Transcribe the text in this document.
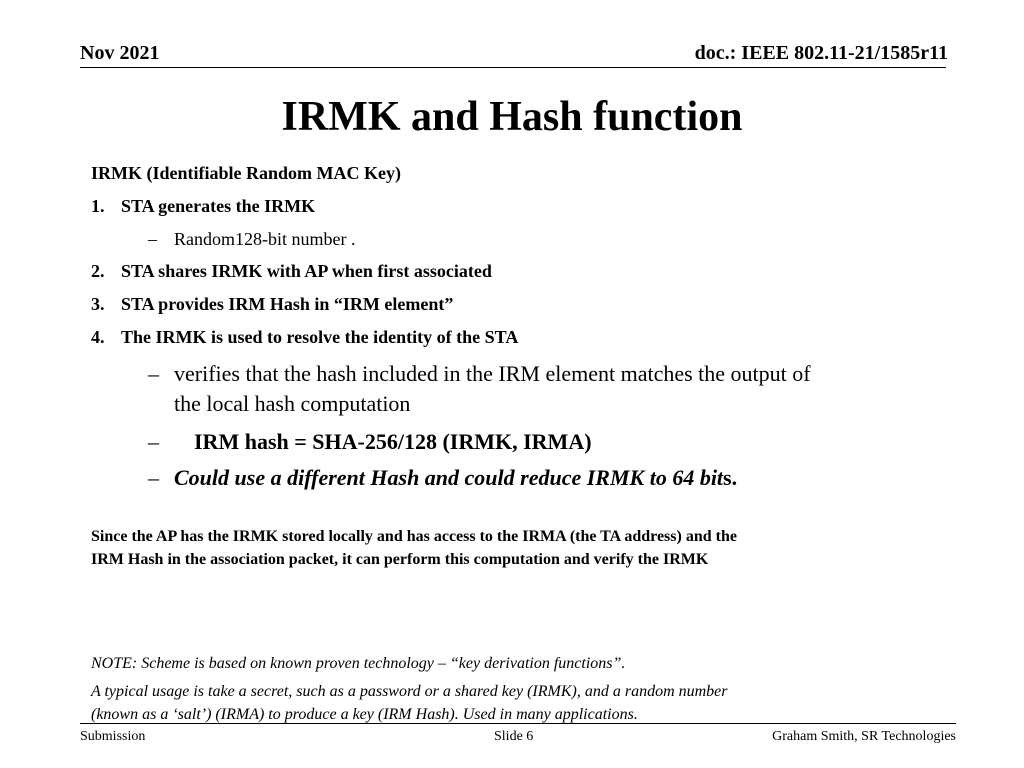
Nov 2021	doc.: IEEE 802.11-21/1585r11
IRMK and Hash function
IRMK (Identifiable Random MAC Key)
1. STA generates the IRMK
– Random128-bit number .
2. STA shares IRMK with AP when first associated
3. STA provides IRM Hash in “IRM element”
4. The IRMK is used to resolve the identity of the STA
– verifies that the hash included in the IRM element matches the output of
the local hash computation
– IRM hash = SHA-256/128 (IRMK, IRMA)
– Could use a different Hash and could reduce IRMK to 64 bits.
Since the AP has the IRMK stored locally and has access to the IRMA (the TA address) and the
IRM Hash in the association packet, it can perform this computation and verify the IRMK
NOTE: Scheme is based on known proven technology – “key derivation functions”.
A typical usage is take a secret, such as a password or a shared key (IRMK), and a random number
(known as a ‘salt’) (IRMA) to produce a key (IRM Hash). Used in many applications.
Submission	Slide 6	Graham Smith, SR Technologies
